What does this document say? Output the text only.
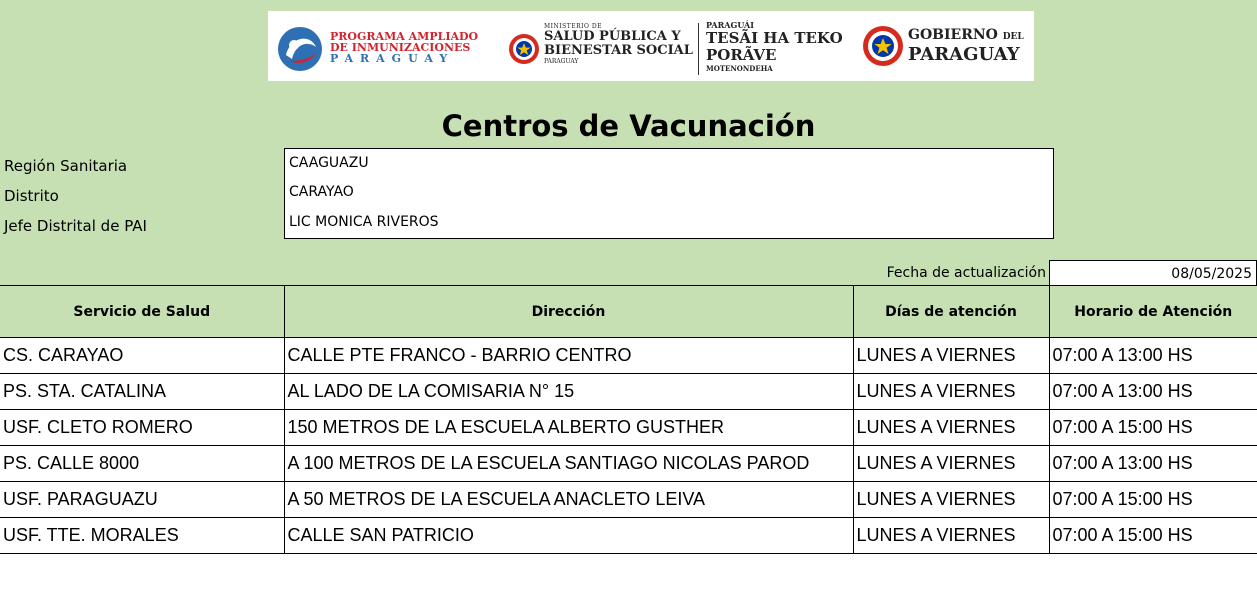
PROGRAMA AMPLIADO
DE INMUNIZACIONES
PARAGUAY
MINISTERIO DE
SALUD PÚBLICA Y
BIENESTAR SOCIAL
PARAGUAY
PARAGUÁI
TESÃI HA TEKO
PORÃVE
MOTENONDEHA
GOBIERNO DEL
PARAGUAY
Centros de Vacunación
Región Sanitaria	CAAGUAZU
Distrito	CARAYAO
Jefe Distrital de PAI	LIC MONICA RIVEROS
Fecha de actualización	08/05/2025
Servicio de Salud	Dirección	Días de atención	Horario de Atención
CS. CARAYAO	CALLE PTE FRANCO - BARRIO CENTRO	LUNES A VIERNES	07:00 A 13:00 HS
PS. STA. CATALINA	AL LADO DE LA COMISARIA N° 15	LUNES A VIERNES	07:00 A 13:00 HS
USF. CLETO ROMERO	150 METROS DE LA ESCUELA ALBERTO GUSTHER	LUNES A VIERNES	07:00 A 15:00 HS
PS. CALLE 8000	A 100 METROS DE LA ESCUELA SANTIAGO NICOLAS PAROD	LUNES A VIERNES	07:00 A 13:00 HS
USF. PARAGUAZU	A 50 METROS DE LA ESCUELA ANACLETO LEIVA	LUNES A VIERNES	07:00 A 15:00 HS
USF. TTE. MORALES	CALLE SAN PATRICIO	LUNES A VIERNES	07:00 A 15:00 HS
